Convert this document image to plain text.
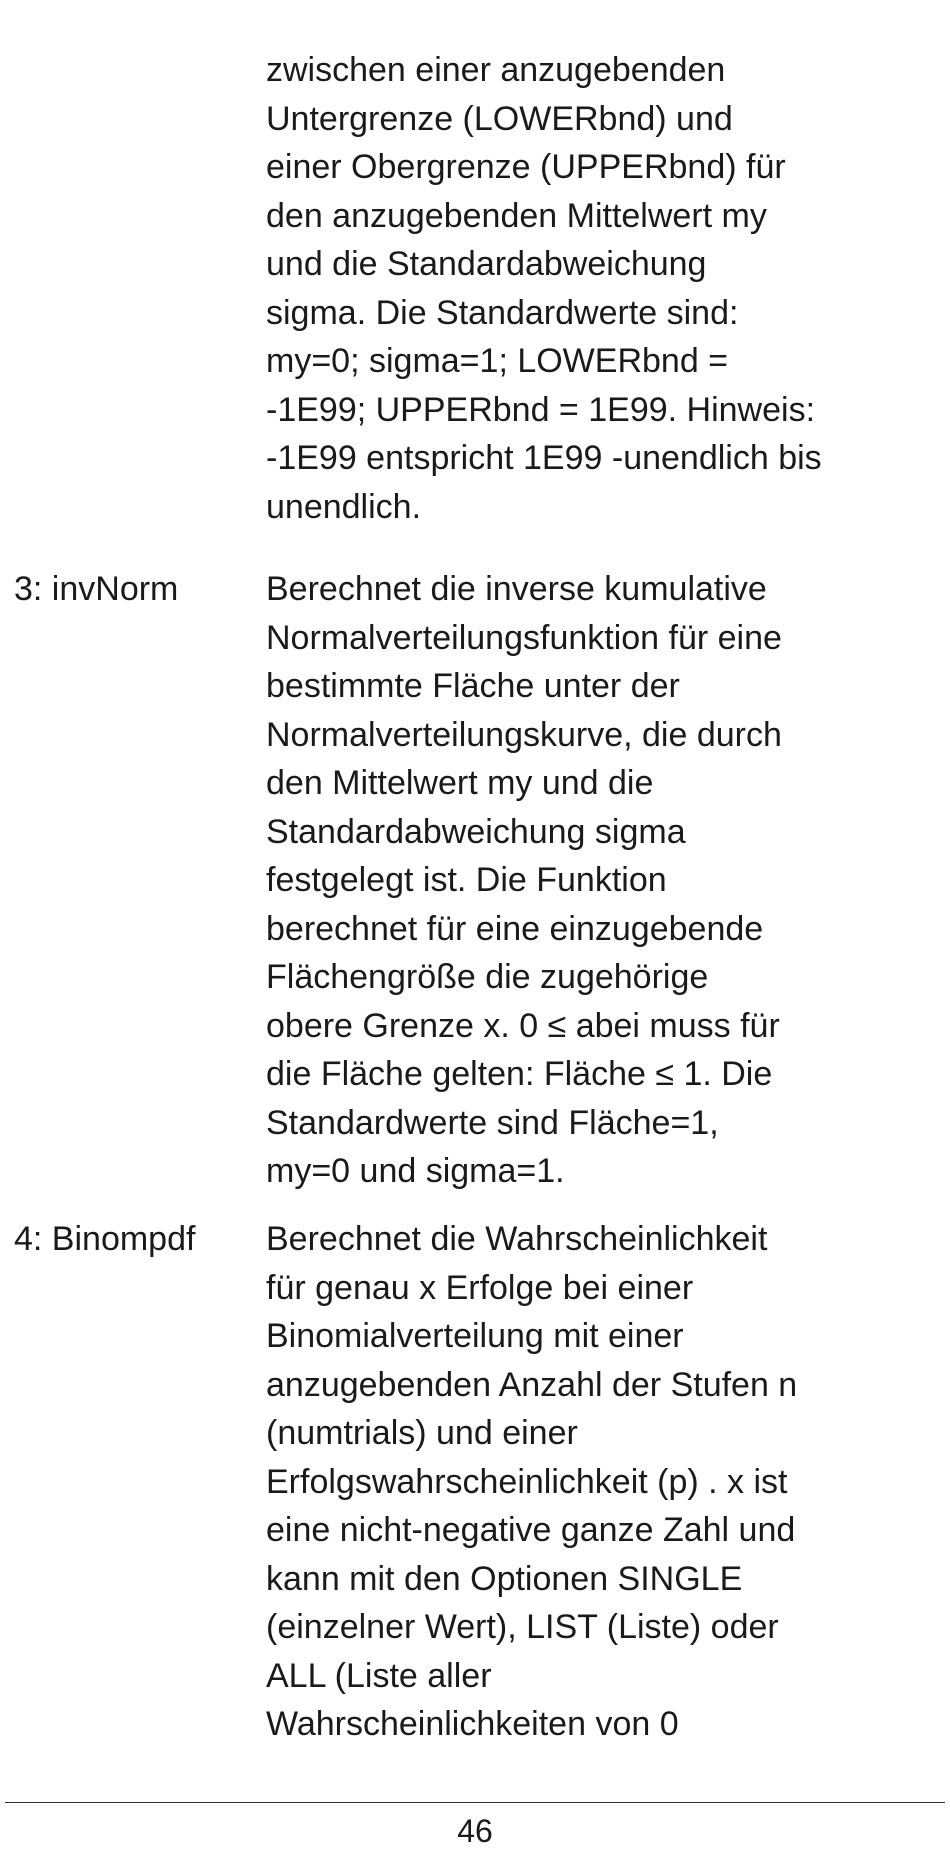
zwischen einer anzugebenden
Untergrenze (LOWERbnd) und
einer Obergrenze (UPPERbnd) für
den anzugebenden Mittelwert my
und die Standardabweichung
sigma. Die Standardwerte sind:
my=0; sigma=1; LOWERbnd =
-1E99; UPPERbnd = 1E99. Hinweis:
-1E99 entspricht 1E99 -unendlich bis
unendlich.
3: invNorm	Berechnet die inverse kumulative
Normalverteilungsfunktion für eine
bestimmte Fläche unter der
Normalverteilungskurve, die durch
den Mittelwert my und die
Standardabweichung sigma
festgelegt ist. Die Funktion
berechnet für eine einzugebende
Flächengröße die zugehörige
obere Grenze x. 0 ≤ abei muss für
die Fläche gelten: Fläche ≤ 1. Die
Standardwerte sind Fläche=1,
my=0 und sigma=1.
4: Binompdf Berechnet die Wahrscheinlichkeit
für genau x Erfolge bei einer
Binomialverteilung mit einer
anzugebenden Anzahl der Stufen n
(numtrials) und einer
Erfolgswahrscheinlichkeit (p) . x ist
eine nicht-negative ganze Zahl und
kann mit den Optionen SINGLE
(einzelner Wert), LIST (Liste) oder
ALL (Liste aller
Wahrscheinlichkeiten von 0
46
